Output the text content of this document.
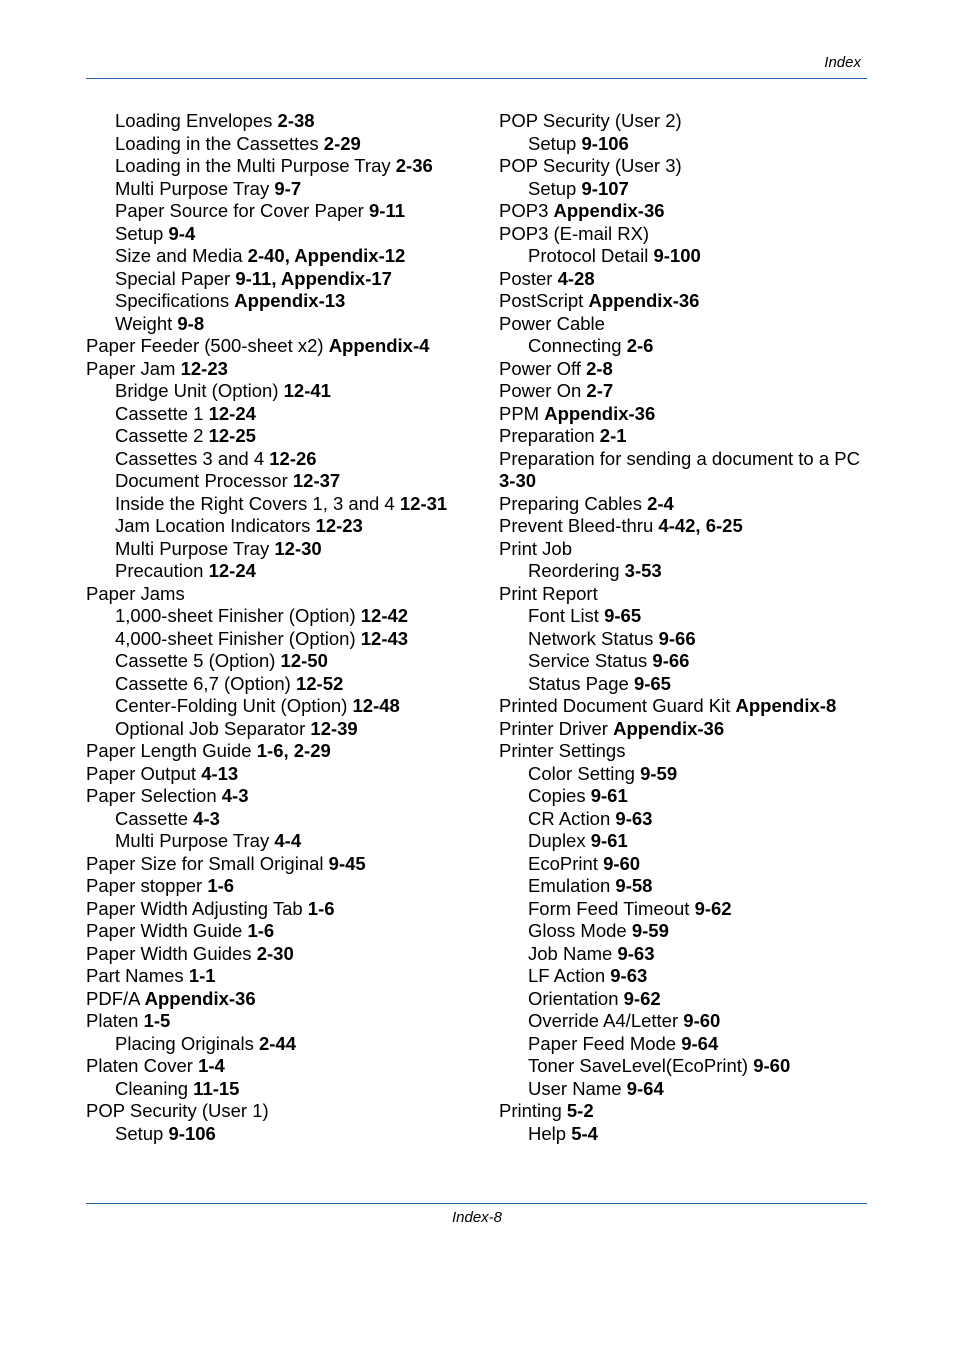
Index
Loading Envelopes 2-38
Loading in the Cassettes 2-29
Loading in the Multi Purpose Tray 2-36
Multi Purpose Tray 9-7
Paper Source for Cover Paper 9-11
Setup 9-4
Size and Media 2-40, Appendix-12
Special Paper 9-11, Appendix-17
Specifications Appendix-13
Weight 9-8
Paper Feeder (500-sheet x2) Appendix-4
Paper Jam 12-23
Bridge Unit (Option) 12-41
Cassette 1 12-24
Cassette 2 12-25
Cassettes 3 and 4 12-26
Document Processor 12-37
Inside the Right Covers 1, 3 and 4 12-31
Jam Location Indicators 12-23
Multi Purpose Tray 12-30
Precaution 12-24
Paper Jams
1,000-sheet Finisher (Option) 12-42
4,000-sheet Finisher (Option) 12-43
Cassette 5 (Option) 12-50
Cassette 6,7 (Option) 12-52
Center-Folding Unit (Option) 12-48
Optional Job Separator 12-39
Paper Length Guide 1-6, 2-29
Paper Output 4-13
Paper Selection 4-3
Cassette 4-3
Multi Purpose Tray 4-4
Paper Size for Small Original 9-45
Paper stopper 1-6
Paper Width Adjusting Tab 1-6
Paper Width Guide 1-6
Paper Width Guides 2-30
Part Names 1-1
PDF/A Appendix-36
Platen 1-5
Placing Originals 2-44
Platen Cover 1-4
Cleaning 11-15
POP Security (User 1)
Setup 9-106
POP Security (User 2)
Setup 9-106
POP Security (User 3)
Setup 9-107
POP3 Appendix-36
POP3 (E-mail RX)
Protocol Detail 9-100
Poster 4-28
PostScript Appendix-36
Power Cable
Connecting 2-6
Power Off 2-8
Power On 2-7
PPM Appendix-36
Preparation 2-1
Preparation for sending a document to a PC
3-30
Preparing Cables 2-4
Prevent Bleed-thru 4-42, 6-25
Print Job
Reordering 3-53
Print Report
Font List 9-65
Network Status 9-66
Service Status 9-66
Status Page 9-65
Printed Document Guard Kit Appendix-8
Printer Driver Appendix-36
Printer Settings
Color Setting 9-59
Copies 9-61
CR Action 9-63
Duplex 9-61
EcoPrint 9-60
Emulation 9-58
Form Feed Timeout 9-62
Gloss Mode 9-59
Job Name 9-63
LF Action 9-63
Orientation 9-62
Override A4/Letter 9-60
Paper Feed Mode 9-64
Toner SaveLevel(EcoPrint) 9-60
User Name 9-64
Printing 5-2
Help 5-4
Index-8
